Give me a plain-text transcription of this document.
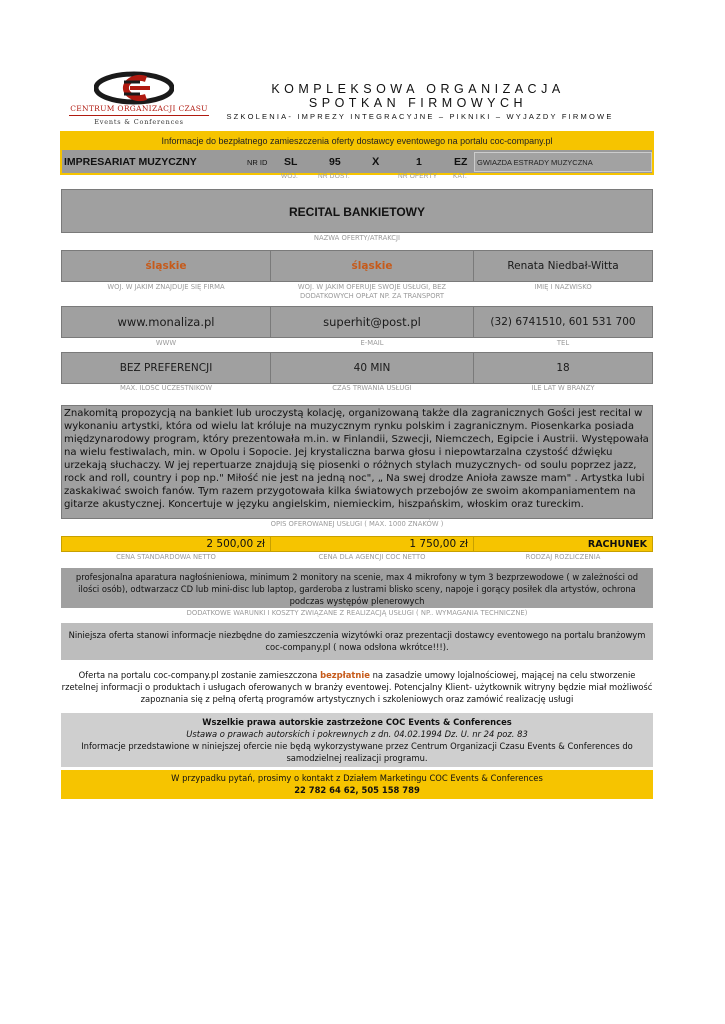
CENTRUM ORGANIZACJI CZASU
Events & Conferences
KOMPLEKSOWA ORGANIZACJA SPOTKAN FIRMOWYCH
SZKOLENIA- IMPREZY INTEGRACYJNE – PIKNIKI – WYJAZDY FIRMOWE
Informacje do bezpłatnego zamieszczenia oferty dostawcy eventowego na portalu coc-company.pl
IMPRESARIAT MUZYCZNY	NR ID SL	95	X	1	EZ	GWIAZDA ESTRADY MUZYCZNA
WOJ.	NR DOST.	NR OFERTY KAT.
RECITAL BANKIETOWY
NAZWA OFERTY/ATRAKCJI
śląskie	śląskie	Renata Niedbał-Witta
WOJ. W JAKIM ZNAJDUJE SIĘ FIRMA	WOJ. W JAKIM OFERUJE SWOJE USŁUGI, BEZ DODATKOWYCH OPŁAT NP. ZA TRANSPORT
IMIĘ I NAZWISKO
www.monaliza.pl	superhit@post.pl	(32) 6741510, 601 531 700
WWW	E-MAIL	TEL
BEZ PREFERENCJI	40 MIN	18
MAX. ILOŚĆ UCZESTNIKÓW	CZAS TRWANIA USŁUGI	ILE LAT W BRANŻY
Znakomitą propozycją na bankiet lub uroczystą kolację, organizowaną także dla zagranicznych Gości jest recital w wykonaniu artystki, która od wielu lat króluje na muzycznym rynku polskim i zagranicznym. Piosenkarka posiada międzynarodowy program, który prezentowała m.in. w Finlandii, Szwecji, Niemczech, Egipcie i Austrii. Występowała na wielu festiwalach, min. w Opolu i Sopocie. Jej krystaliczna barwa głosu i niepowtarzalna czystość dźwięku urzekają słuchaczy. W jej repertuarze znajdują się piosenki o różnych stylach muzycznych- od soulu poprzez jazz, rock and roll, country i pop np." Miłość nie jest na jedną noc", „ Na swej drodze Anioła zawsze mam" . Artystka lubi zaskakiwać swoich fanów. Tym razem przygotowała kilka światowych przebojów ze swoim akompaniamentem na gitarze akustycznej. Koncertuje w języku angielskim, niemieckim, hiszpańskim, włoskim oraz tureckim.
OPIS OFEROWANEJ USŁUGI ( MAX. 1000 ZNAKÓW )
2 500,00 zł	1 750,00 zł	RACHUNEK
CENA STANDARDOWA NETTO	CENA DLA AGENCJI COC NETTO	RODZAJ ROZLICZENIA
profesjonalna aparatura nagłośnieniowa, minimum 2 monitory na scenie, max 4 mikrofony w tym 3 bezprzewodowe ( w zależności od ilości osób), odtwarzacz CD lub mini-disc lub laptop, garderoba z lustrami blisko sceny, napoje i gorący posiłek dla artystów, ochrona podczas występów plenerowych
DODATKOWE WARUNKI I KOSZTY ZWIĄZANE Z REALIZACJĄ USŁUGI ( NP.. WYMAGANIA TECHNICZNE)
Niniejsza oferta stanowi informacje niezbędne do zamieszczenia wizytówki oraz prezentacji dostawcy eventowego na portalu branżowym coc-company.pl ( nowa odsłona wkrótce!!!).
Oferta na portalu coc-company.pl zostanie zamieszczona bezpłatnie na zasadzie umowy lojalnościowej, mającej na celu stworzenie rzetelnej informacji o produktach i usługach oferowanych w branży eventowej. Potencjalny Klient- użytkownik witryny będzie miał możliwość zapoznania się z pełną ofertą programów artystycznych i szkoleniowych oraz zamówić realizację usługi
Wszelkie prawa autorskie zastrzeżone COC Events & Conferences
Ustawa o prawach autorskich i pokrewnych z dn. 04.02.1994 Dz. U. nr 24 poz. 83
Informacje przedstawione w niniejszej ofercie nie będą wykorzystywane przez Centrum Organizacji Czasu Events & Conferences do samodzielnej realizacji programu.
W przypadku pytań, prosimy o kontakt z Działem Marketingu COC Events & Conferences
22 782 64 62, 505 158 789
